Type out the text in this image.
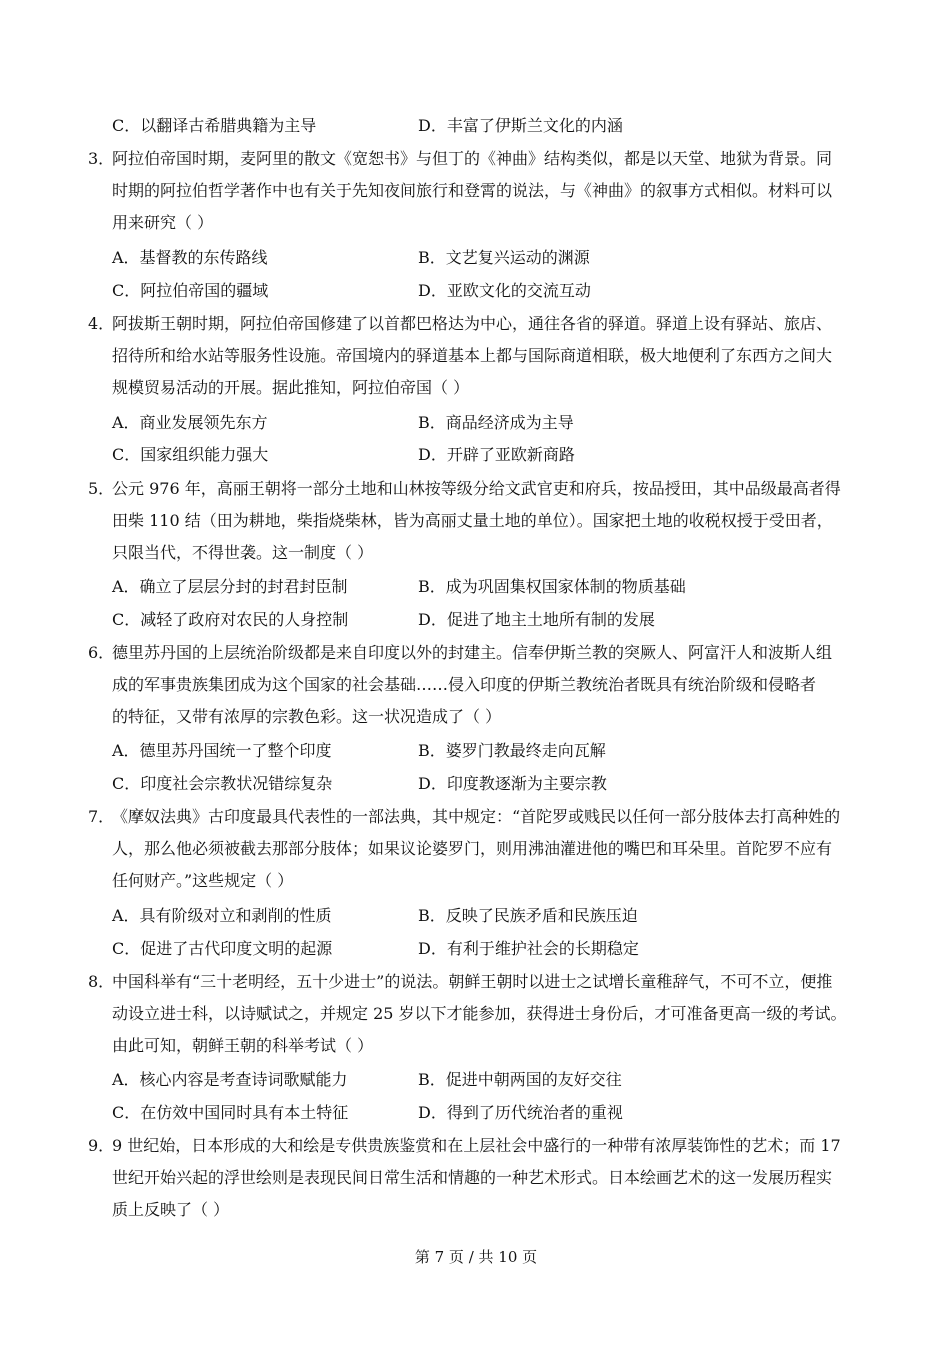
C．以翻译古希腊典籍为主导	D．丰富了伊斯兰文化的内涵
3．
阿拉伯帝国时期，麦阿里的散文《宽恕书》与但丁的《神曲》结构类似，都是以天堂、地狱为背景。同
时期的阿拉伯哲学著作中也有关于先知夜间旅行和登霄的说法，与《神曲》的叙事方式相似。材料可以
用来研究（ ）
A．基督教的东传路线	B．文艺复兴运动的渊源
C．阿拉伯帝国的疆域	D．亚欧文化的交流互动
4．
阿拔斯王朝时期，阿拉伯帝国修建了以首都巴格达为中心，通往各省的驿道。驿道上设有驿站、旅店、
招待所和给水站等服务性设施。帝国境内的驿道基本上都与国际商道相联，极大地便利了东西方之间大
规模贸易活动的开展。据此推知，阿拉伯帝国（ ）
A．商业发展领先东方	B．商品经济成为主导
C．国家组织能力强大	D．开辟了亚欧新商路
5．
公元 976 年，高丽王朝将一部分土地和山林按等级分给文武官吏和府兵，按品授田，其中品级最高者得
田柴 110 结（田为耕地，柴指烧柴林，皆为高丽丈量土地的单位）。国家把土地的收税权授于受田者，
只限当代，不得世袭。这一制度（ ）
A．确立了层层分封的封君封臣制	B．成为巩固集权国家体制的物质基础
C．减轻了政府对农民的人身控制	D．促进了地主土地所有制的发展
6．
德里苏丹国的上层统治阶级都是来自印度以外的封建主。信奉伊斯兰教的突厥人、阿富汗人和波斯人组
成的军事贵族集团成为这个国家的社会基础……侵入印度的伊斯兰教统治者既具有统治阶级和侵略者
的特征，又带有浓厚的宗教色彩。这一状况造成了（ ）
A．德里苏丹国统一了整个印度	B．婆罗门教最终走向瓦解
C．印度社会宗教状况错综复杂	D．印度教逐渐为主要宗教
7．
《摩奴法典》古印度最具代表性的一部法典，其中规定：“首陀罗或贱民以任何一部分肢体去打高种姓的
人，那么他必须被截去那部分肢体；如果议论婆罗门，则用沸油灌进他的嘴巴和耳朵里。首陀罗不应有
任何财产。”这些规定（ ）
A．具有阶级对立和剥削的性质	B．反映了民族矛盾和民族压迫
C．促进了古代印度文明的起源	D．有利于维护社会的长期稳定
8．
中国科举有“三十老明经，五十少进士”的说法。朝鲜王朝时以进士之试增长童稚辞气，不可不立，便推
动设立进士科，以诗赋试之，并规定 25 岁以下才能参加，获得进士身份后，才可准备更高一级的考试。
由此可知，朝鲜王朝的科举考试（ ）
A．核心内容是考查诗词歌赋能力	B．促进中朝两国的友好交往
C．在仿效中国同时具有本土特征	D．得到了历代统治者的重视
9．
9 世纪始，日本形成的大和绘是专供贵族鉴赏和在上层社会中盛行的一种带有浓厚装饰性的艺术；而 17
世纪开始兴起的浮世绘则是表现民间日常生活和情趣的一种艺术形式。日本绘画艺术的这一发展历程实
质上反映了（ ）
第 7 页 / 共 10 页
